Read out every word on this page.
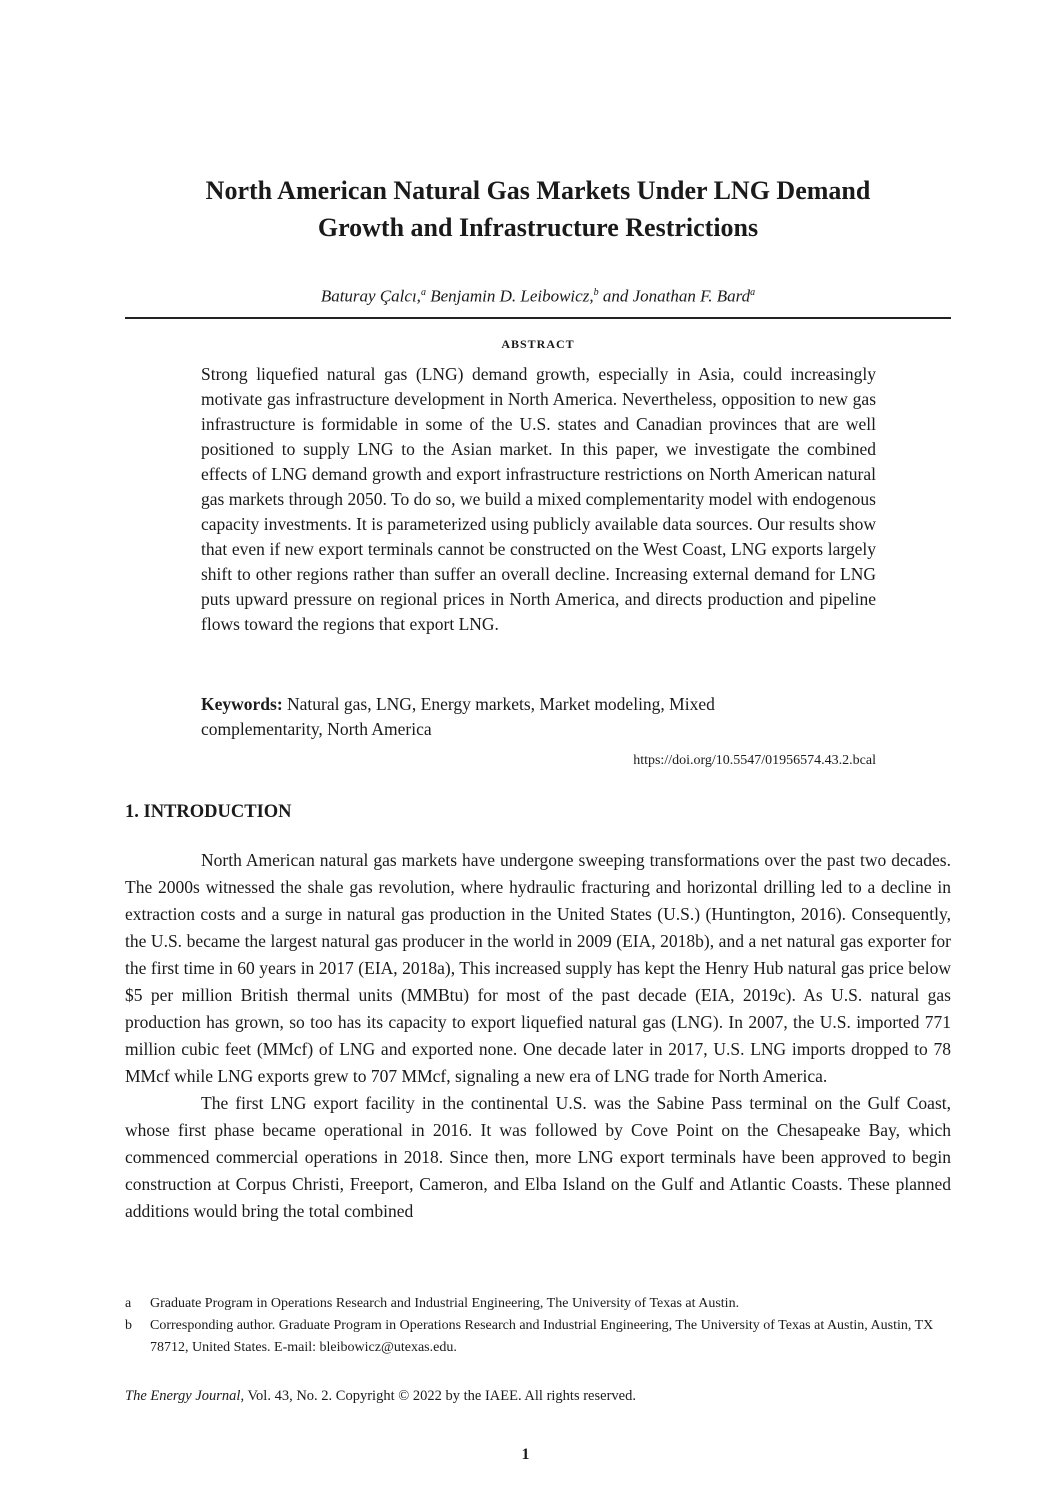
North American Natural Gas Markets Under LNG Demand
Growth and Infrastructure Restrictions
Baturay Çalcı,$^a$ Benjamin D. Leibowicz,$^b$ and Jonathan F. Bard$^a$
ABSTRACT

Strong liquefied natural gas (LNG) demand growth, especially in Asia, could increasingly motivate gas infrastructure development in North America. Nevertheless, opposition to new gas infrastructure is formidable in some of the U.S. states and Canadian provinces that are well positioned to supply LNG to the Asian market. In this paper, we investigate the combined effects of LNG demand growth and export infrastructure restrictions on North American natural gas markets through 2050. To do so, we build a mixed complementarity model with endogenous capacity investments. It is parameterized using publicly available data sources. Our results show that even if new export terminals cannot be constructed on the West Coast, LNG exports largely shift to other regions rather than suffer an overall decline. Increasing external demand for LNG puts upward pressure on regional prices in North America, and directs production and pipeline flows toward the regions that export LNG.

Keywords: Natural gas, LNG, Energy markets, Market modeling, Mixed complementarity, North America
https://doi.org/10.5547/01956574.43.2.bcal
1. INTRODUCTION

North American natural gas markets have undergone sweeping transformations over the past two decades. The 2000s witnessed the shale gas revolution, where hydraulic fracturing and horizontal drilling led to a decline in extraction costs and a surge in natural gas production in the United States (U.S.) (Huntington, 2016). Consequently, the U.S. became the largest natural gas producer in the world in 2009 (EIA, 2018b), and a net natural gas exporter for the first time in 60 years in 2017 (EIA, 2018a), This increased supply has kept the Henry Hub natural gas price below $5 per million British thermal units (MMBtu) for most of the past decade (EIA, 2019c). As U.S. natural gas production has grown, so too has its capacity to export liquefied natural gas (LNG). In 2007, the U.S. imported 771 million cubic feet (MMcf) of LNG and exported none. One decade later in 2017, U.S. LNG imports dropped to 78 MMcf while LNG exports grew to 707 MMcf, signaling a new era of LNG trade for North America.

The first LNG export facility in the continental U.S. was the Sabine Pass terminal on the Gulf Coast, whose first phase became operational in 2016. It was followed by Cove Point on the Chesapeake Bay, which commenced commercial operations in 2018. Since then, more LNG export terminals have been approved to begin construction at Corpus Christi, Freeport, Cameron, and Elba Island on the Gulf and Atlantic Coasts. These planned additions would bring the total combined

a	Graduate Program in Operations Research and Industrial Engineering, The University of Texas at Austin.
b	Corresponding author. Graduate Program in Operations Research and Industrial Engineering, The University of Texas at Austin, Austin, TX 78712, United States. E-mail: bleibowicz@utexas.edu.
The Energy Journal, Vol. 43, No. 2. Copyright © 2022 by the IAEE. All rights reserved.
1
